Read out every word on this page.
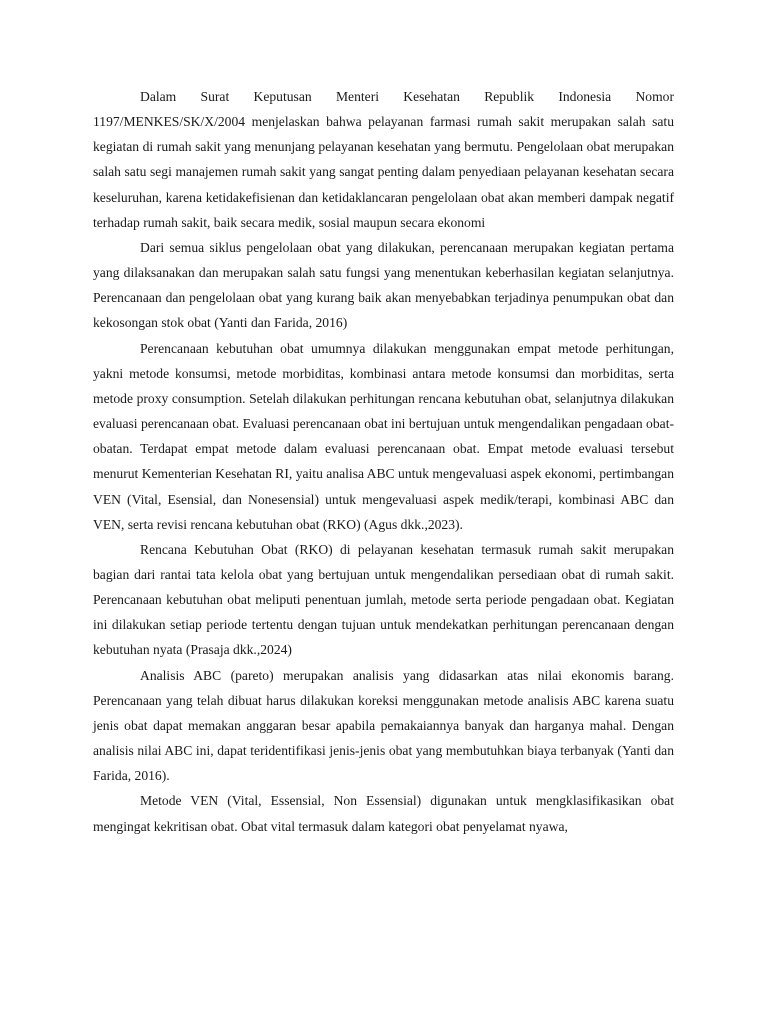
Dalam Surat Keputusan Menteri Kesehatan Republik Indonesia Nomor 1197/MENKES/SK/X/2004 menjelaskan bahwa pelayanan farmasi rumah sakit merupakan salah satu kegiatan di rumah sakit yang menunjang pelayanan kesehatan yang bermutu. Pengelolaan obat merupakan salah satu segi manajemen rumah sakit yang sangat penting dalam penyediaan pelayanan kesehatan secara keseluruhan, karena ketidakefisienan dan ketidaklancaran pengelolaan obat akan memberi dampak negatif terhadap rumah sakit, baik secara medik, sosial maupun secara ekonomi

Dari semua siklus pengelolaan obat yang dilakukan, perencanaan merupakan kegiatan pertama yang dilaksanakan dan merupakan salah satu fungsi yang menentukan keberhasilan kegiatan selanjutnya. Perencanaan dan pengelolaan obat yang kurang baik akan menyebabkan terjadinya penumpukan obat dan kekosongan stok obat (Yanti dan Farida, 2016)

Perencanaan kebutuhan obat umumnya dilakukan menggunakan empat metode perhitungan, yakni metode konsumsi, metode morbiditas, kombinasi antara metode konsumsi dan morbiditas, serta metode proxy consumption. Setelah dilakukan perhitungan rencana kebutuhan obat, selanjutnya dilakukan evaluasi perencanaan obat. Evaluasi perencanaan obat ini bertujuan untuk mengendalikan pengadaan obat-obatan. Terdapat empat metode dalam evaluasi perencanaan obat. Empat metode evaluasi tersebut menurut Kementerian Kesehatan RI, yaitu analisa ABC untuk mengevaluasi aspek ekonomi, pertimbangan VEN (Vital, Esensial, dan Nonesensial) untuk mengevaluasi aspek medik/terapi, kombinasi ABC dan VEN, serta revisi rencana kebutuhan obat (RKO) (Agus dkk.,2023).

Rencana Kebutuhan Obat (RKO) di pelayanan kesehatan termasuk rumah sakit merupakan bagian dari rantai tata kelola obat yang bertujuan untuk mengendalikan persediaan obat di rumah sakit. Perencanaan kebutuhan obat meliputi penentuan jumlah, metode serta periode pengadaan obat. Kegiatan ini dilakukan setiap periode tertentu dengan tujuan untuk mendekatkan perhitungan perencanaan dengan kebutuhan nyata (Prasaja dkk.,2024)

Analisis ABC (pareto) merupakan analisis yang didasarkan atas nilai ekonomis barang. Perencanaan yang telah dibuat harus dilakukan koreksi menggunakan metode analisis ABC karena suatu jenis obat dapat memakan anggaran besar apabila pemakaiannya banyak dan harganya mahal. Dengan analisis nilai ABC ini, dapat teridentifikasi jenis-jenis obat yang membutuhkan biaya terbanyak (Yanti dan Farida, 2016).

Metode VEN (Vital, Essensial, Non Essensial) digunakan untuk mengklasifikasikan obat mengingat kekritisan obat. Obat vital termasuk dalam kategori obat penyelamat nyawa,
